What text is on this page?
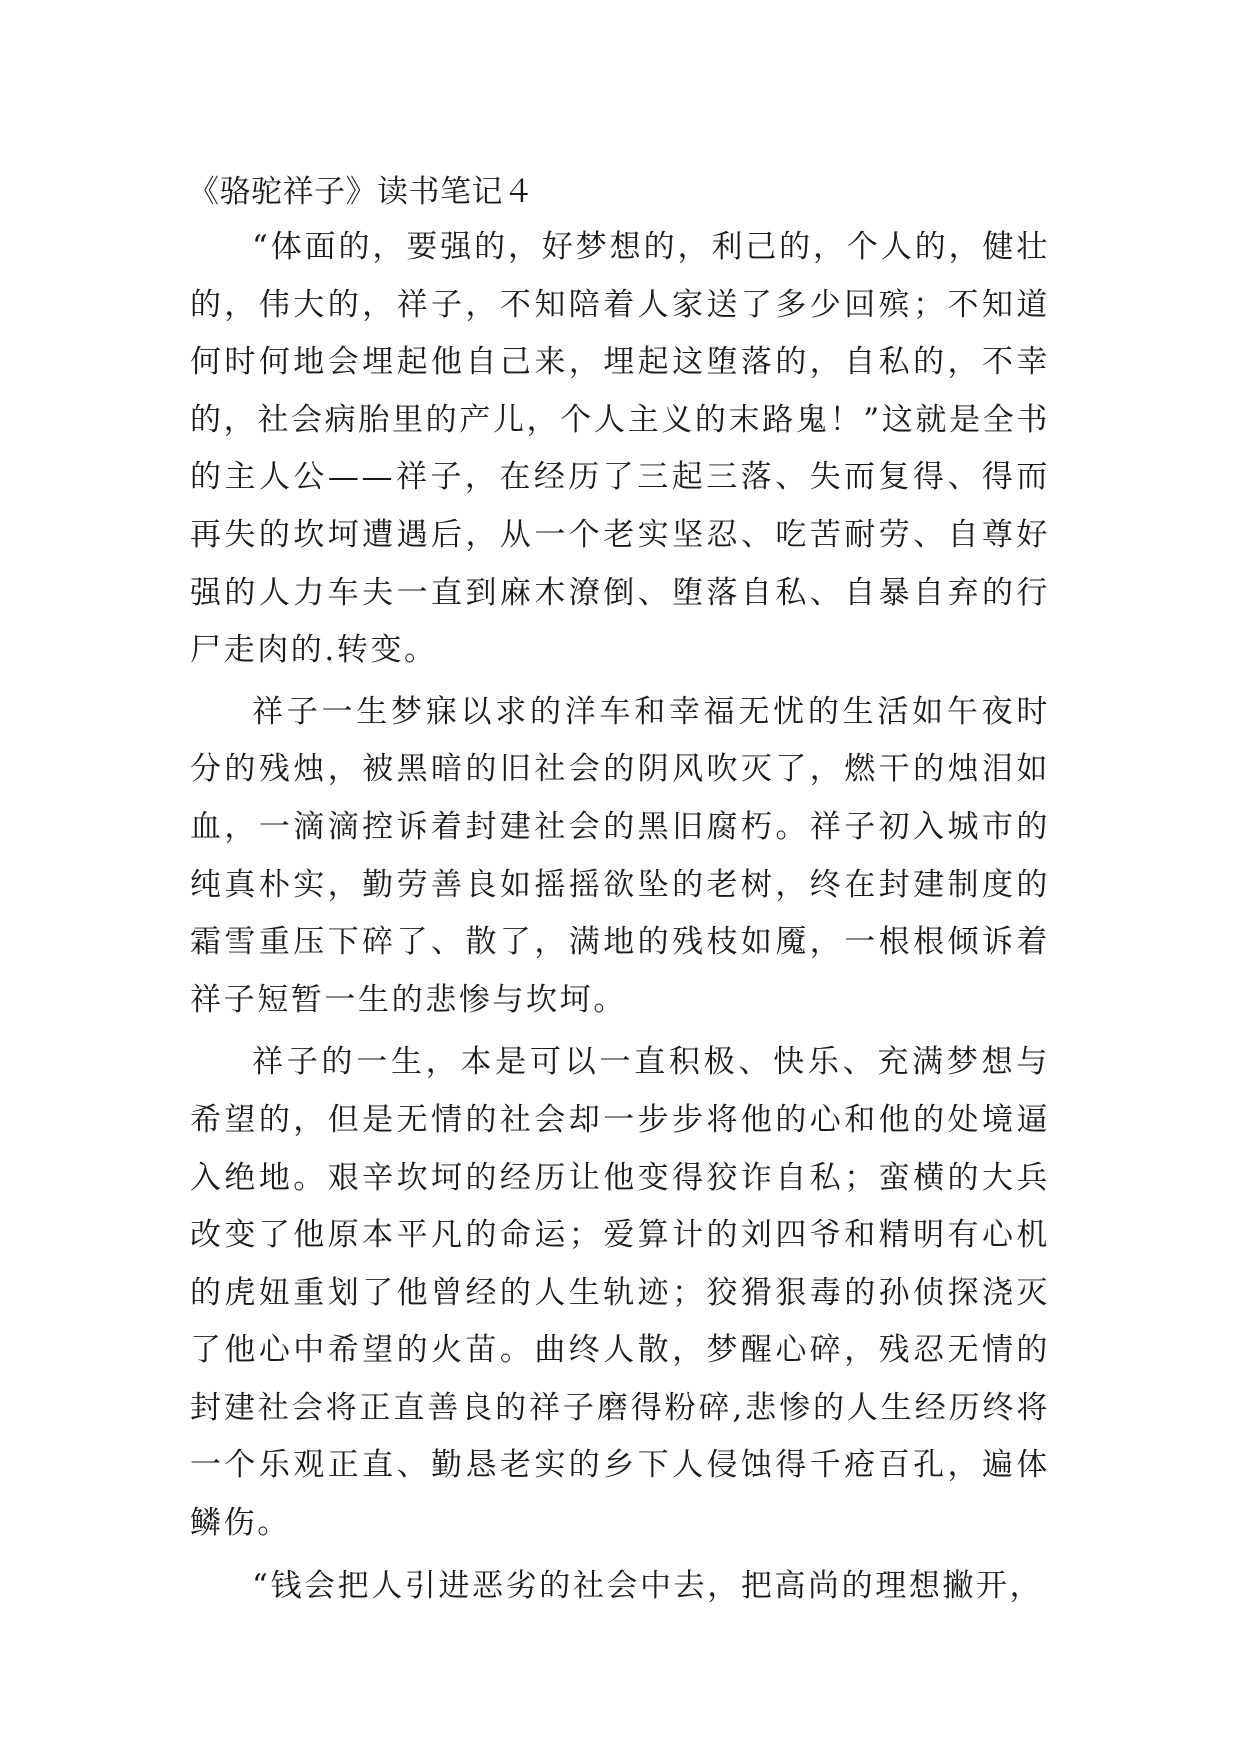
《骆驼祥子》读书笔记４

“体面的，要强的，好梦想的，利己的，个人的，健壮的，伟大的，祥子，不知陪着人家送了多少回殡；不知道何时何地会埋起他自己来，埋起这堕落的，自私的，不幸的，社会病胎里的产儿，个人主义的末路鬼！”这就是全书的主人公——祥子，在经历了三起三落、失而复得、得而再失的坎坷遭遇后，从一个老实坚忍、吃苦耐劳、自尊好强的人力车夫一直到麻木潦倒、堕落自私、自暴自弃的行尸走肉的.转变。

祥子一生梦寐以求的洋车和幸福无忧的生活如午夜时分的残烛，被黑暗的旧社会的阴风吹灭了，燃干的烛泪如血，一滴滴控诉着封建社会的黑旧腐朽。祥子初入城市的纯真朴实，勤劳善良如摇摇欲坠的老树，终在封建制度的霜雪重压下碎了、散了，满地的残枝如魇，一根根倾诉着祥子短暂一生的悲惨与坎坷。

祥子的一生，本是可以一直积极、快乐、充满梦想与希望的，但是无情的社会却一步步将他的心和他的处境逼入绝地。艰辛坎坷的经历让他变得狡诈自私；蛮横的大兵改变了他原本平凡的命运；爱算计的刘四爷和精明有心机的虎妞重划了他曾经的人生轨迹；狡猾狠毒的孙侦探浇灭了他心中希望的火苗。曲终人散，梦醒心碎，残忍无情的封建社会将正直善良的祥子磨得粉碎,悲惨的人生经历终将一个乐观正直、勤恳老实的乡下人侵蚀得千疮百孔，遍体鳞伤。

“钱会把人引进恶劣的社会中去，把高尚的理想撇开，
